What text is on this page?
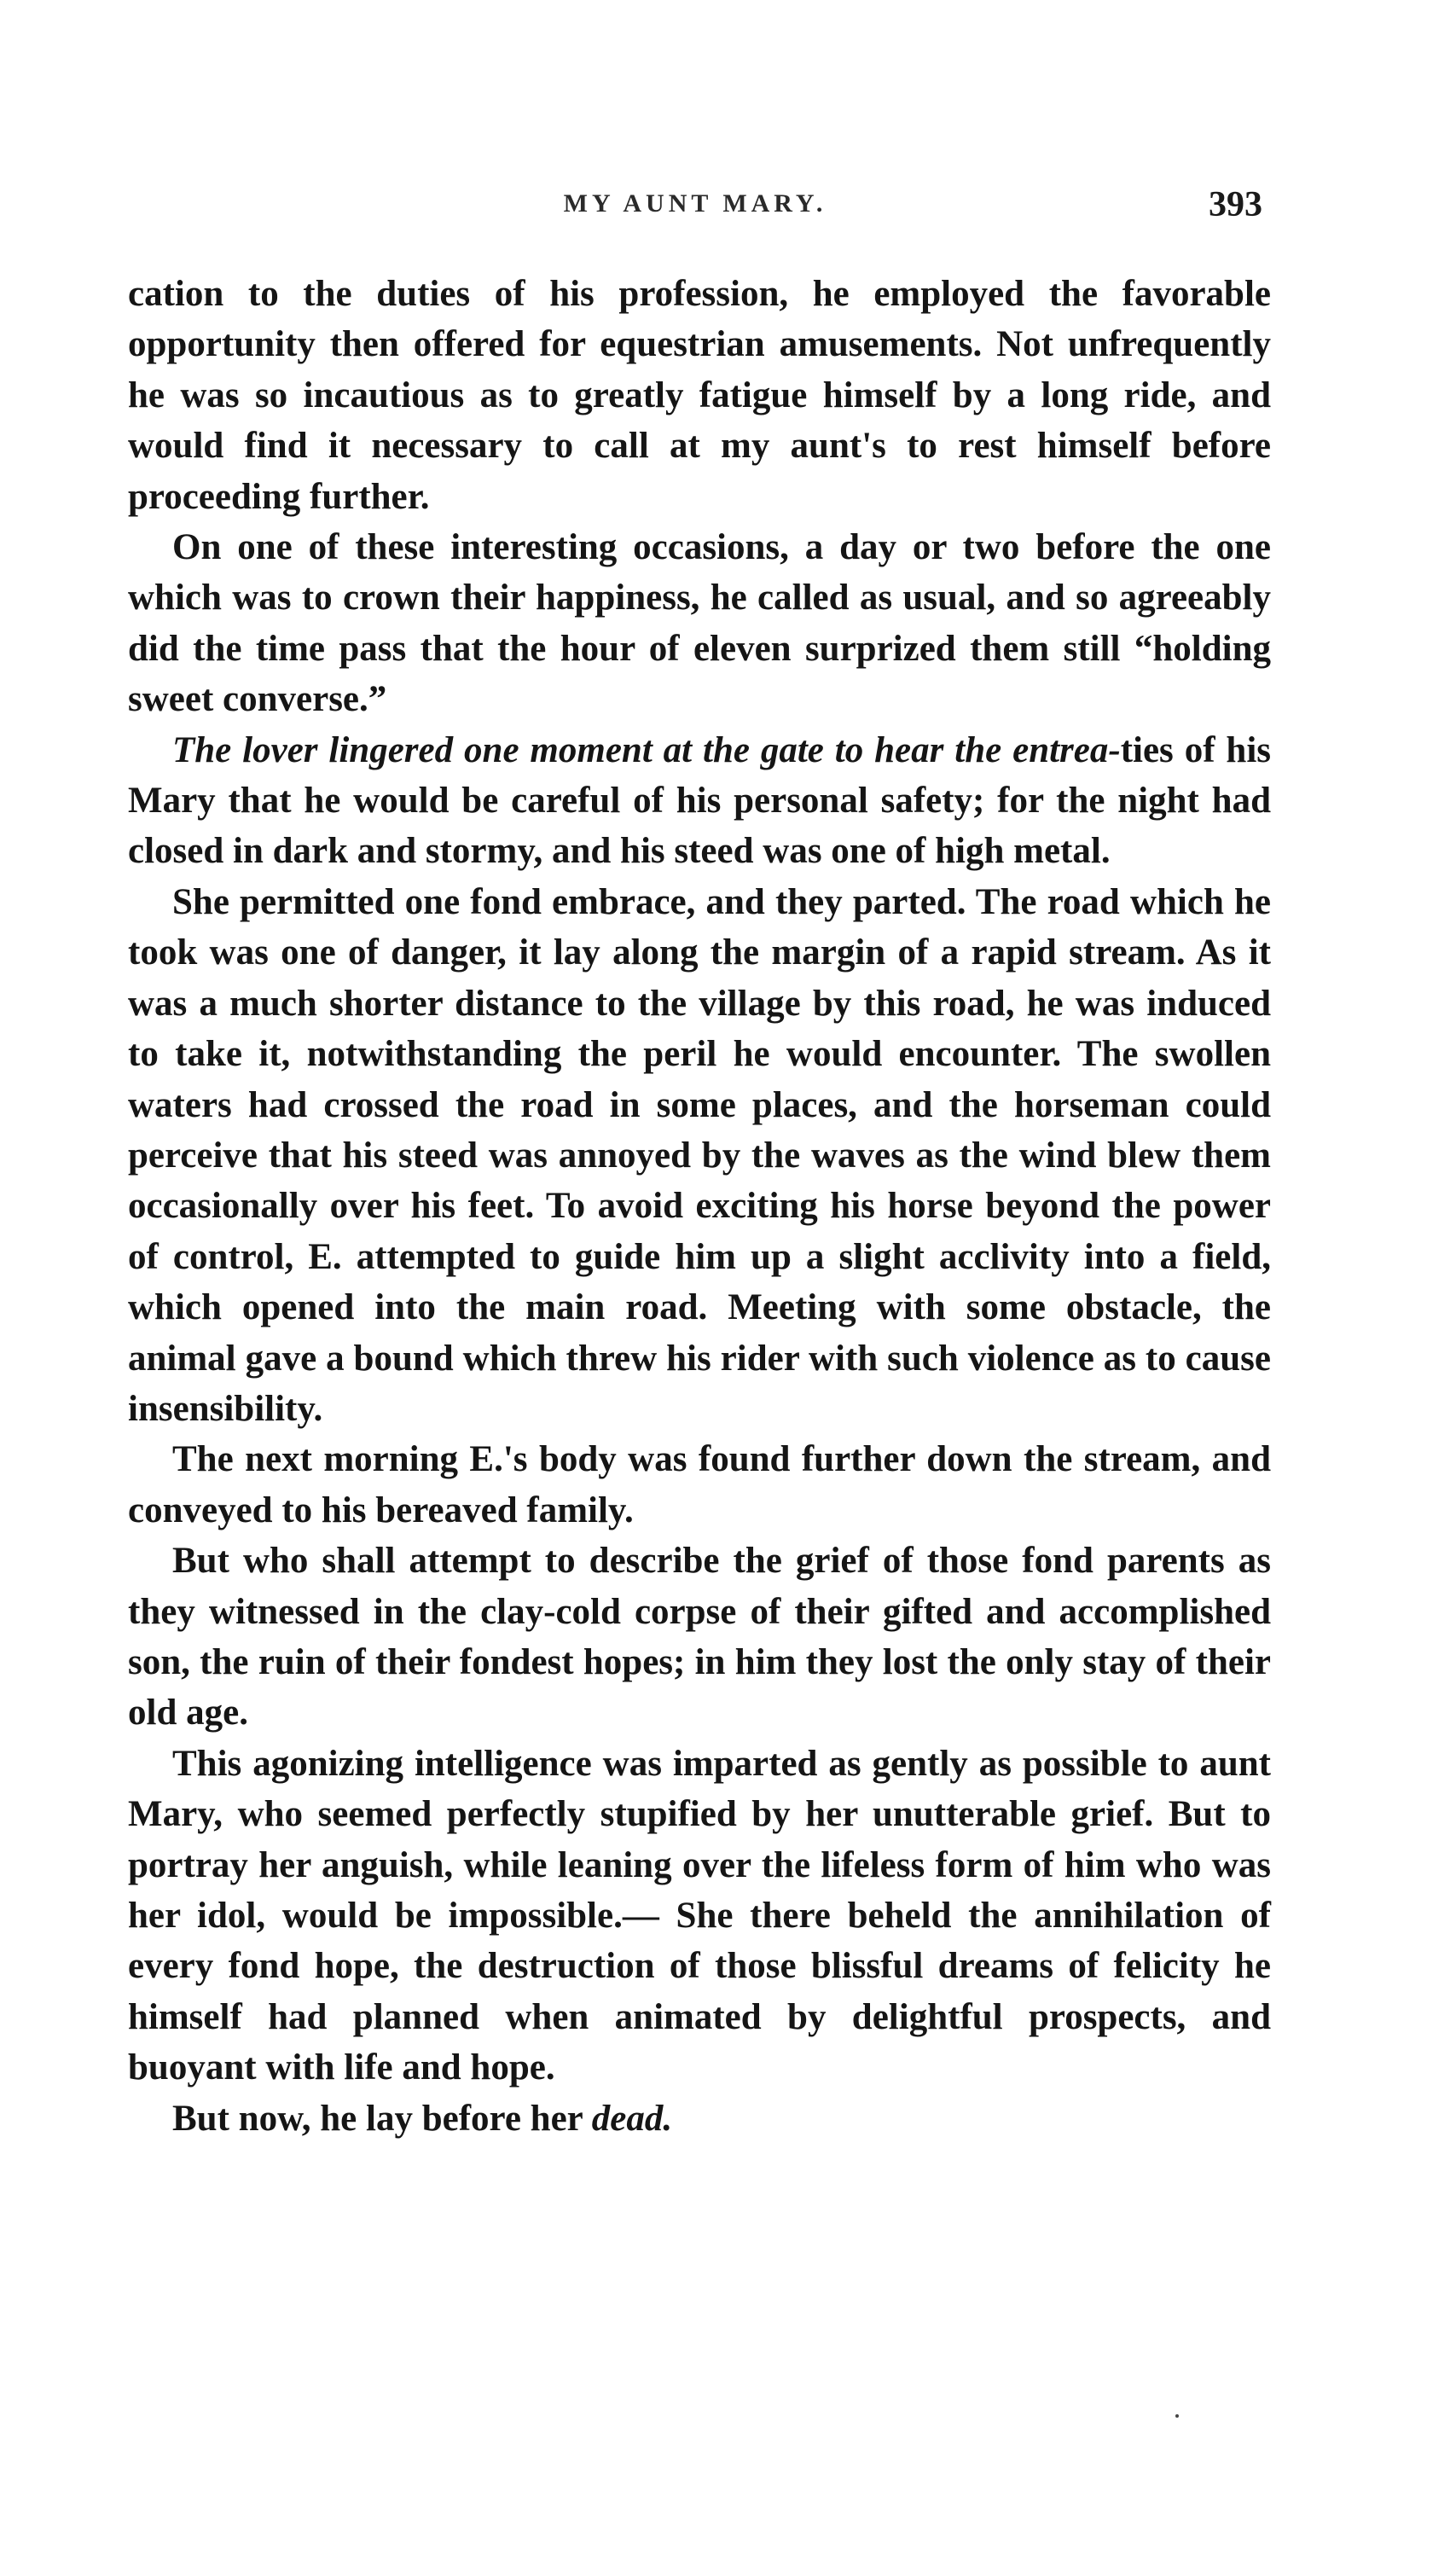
MY AUNT MARY.	393

cation to the duties of his profession, he employed the favorable opportunity then offered for equestrian amusements. Not unfrequently he was so incautious as to greatly fatigue himself by a long ride, and would find it necessary to call at my aunt's to rest himself before proceeding further.

On one of these interesting occasions, a day or two before the one which was to crown their happiness, he called as usual, and so agreeably did the time pass that the hour of eleven surprized them still “holding sweet converse.”

The lover lingered one moment at the gate to hear the entrea-ties of his Mary that he would be careful of his personal safety; for the night had closed in dark and stormy, and his steed was one of high metal.

She permitted one fond embrace, and they parted. The road which he took was one of danger, it lay along the margin of a rapid stream. As it was a much shorter distance to the village by this road, he was induced to take it, notwithstanding the peril he would encounter. The swollen waters had crossed the road in some places, and the horseman could perceive that his steed was annoyed by the waves as the wind blew them occasionally over his feet. To avoid exciting his horse beyond the power of control, E. attempted to guide him up a slight acclivity into a field, which opened into the main road. Meeting with some obstacle, the animal gave a bound which threw his rider with such violence as to cause insensibility.

The next morning E.'s body was found further down the stream, and conveyed to his bereaved family.

But who shall attempt to describe the grief of those fond parents as they witnessed in the clay-cold corpse of their gifted and accomplished son, the ruin of their fondest hopes; in him they lost the only stay of their old age.

This agonizing intelligence was imparted as gently as possible to aunt Mary, who seemed perfectly stupified by her unutterable grief. But to portray her anguish, while leaning over the lifeless form of him who was her idol, would be impossible.— She there beheld the annihilation of every fond hope, the destruction of those blissful dreams of felicity he himself had planned when animated by delightful prospects, and buoyant with life and hope.

But now, he lay before her dead.
